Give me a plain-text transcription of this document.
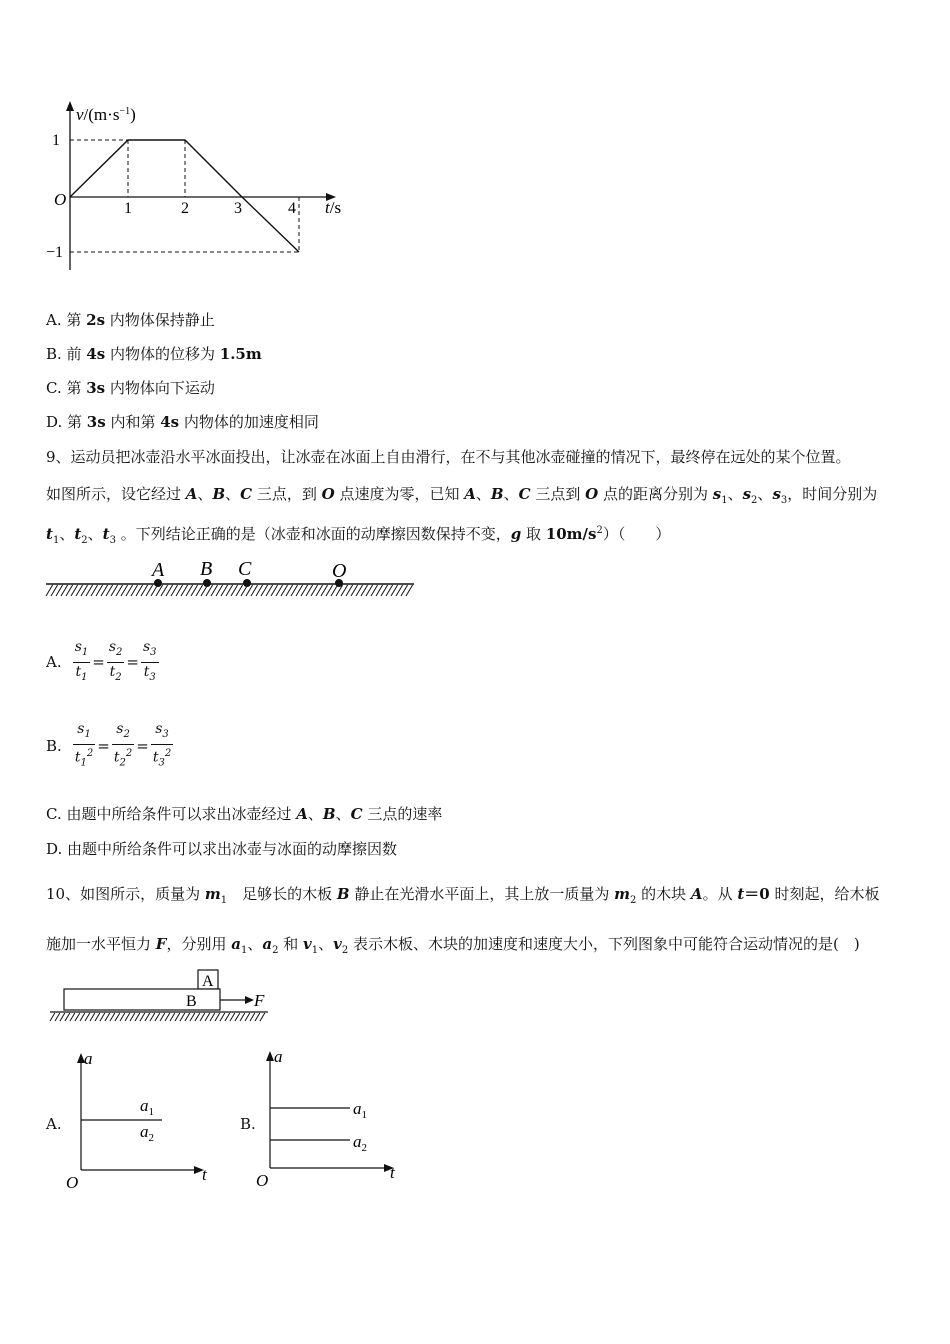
$v/(m\cdot s^{-1})$
1
−1
O	1	2	3	4 t/s
A. 第 2s 内物体保持静止
B. 前 4s 内物体的位移为 1.5m
C. 第 3s 内物体向下运动
D. 第 3s 内和第 4s 内物体的加速度相同
9、运动员把冰壶沿水平冰面投出，让冰壶在冰面上自由滑行，在不与其他冰壶碰撞的情况下，最终停在远处的某个位置。
如图所示，设它经过 A、B、C 三点，到 O 点速度为零，已知 A、B、C 三点到 O 点的距离分别为 $s_1$、$s_2$、$s_3$，时间分别为
$t_1$、$t_2$、$t_3$ 。下列结论正确的是（冰壶和冰面的动摩擦因数保持不变，g 取 $10m/s^2$）（　　）
A B C	O
A. $\frac{s_1}{t_1} = \frac{s_2}{t_2} = \frac{s_3}{t_3}$
B. $\frac{s_1}{t_1^2} = \frac{s_2}{t_2^2} = \frac{s_3}{t_3^2}$
C. 由题中所给条件可以求出冰壶经过 A、B、C 三点的速率
D. 由题中所给条件可以求出冰壶与冰面的动摩擦因数
10、如图所示，质量为 $m_1$　足够长的木板 B 静止在光滑水平面上，其上放一质量为 $m_2$ 的木块 A。从 t＝0 时刻起，给木板
施加一水平恒力 F，分别用 $a_1$、$a_2$ 和 $v_1$、$v_2$ 表示木板、木块的加速度和速度大小，下列图象中可能符合运动情况的是(　)
A
B	F
A.
a
t
O
$a_1$
$a_2$
B.
a
t
O
$a_1$
$a_2$
